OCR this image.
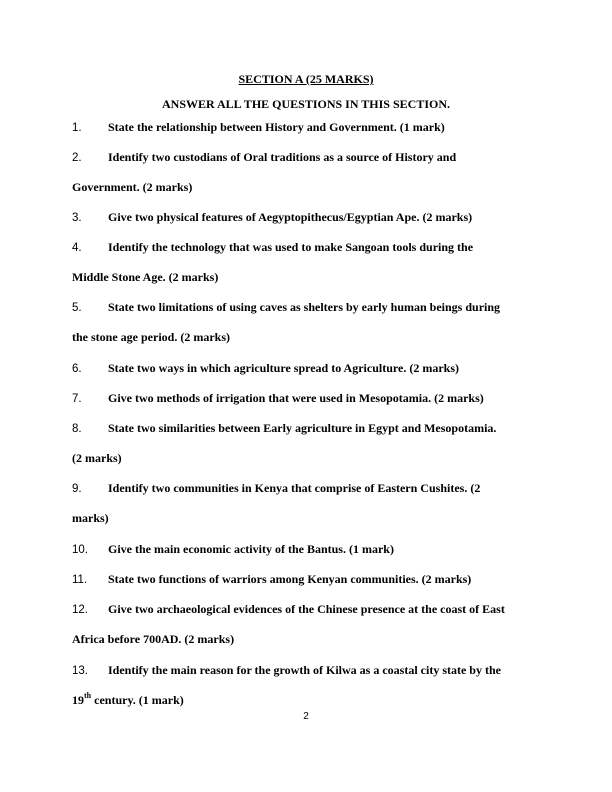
SECTION A (25 MARKS)
ANSWER ALL THE QUESTIONS IN THIS SECTION.
1. State the relationship between History and Government. (1 mark)
2. Identify two custodians of Oral traditions as a source of History and
Government. (2 marks)
3. Give two physical features of Aegyptopithecus/Egyptian Ape. (2 marks)
4. Identify the technology that was used to make Sangoan tools during the
Middle Stone Age. (2 marks)
5. State two limitations of using caves as shelters by early human beings during
the stone age period. (2 marks)
6. State two ways in which agriculture spread to Agriculture. (2 marks)
7. Give two methods of irrigation that were used in Mesopotamia. (2 marks)
8. State two similarities between Early agriculture in Egypt and Mesopotamia.
(2 marks)
9. Identify two communities in Kenya that comprise of Eastern Cushites. (2
marks)
10. Give the main economic activity of the Bantus. (1 mark)
11. State two functions of warriors among Kenyan communities. (2 marks)
12. Give two archaeological evidences of the Chinese presence at the coast of East
Africa before 700AD. (2 marks)
13. Identify the main reason for the growth of Kilwa as a coastal city state by the
19th century. (1 mark)
2
